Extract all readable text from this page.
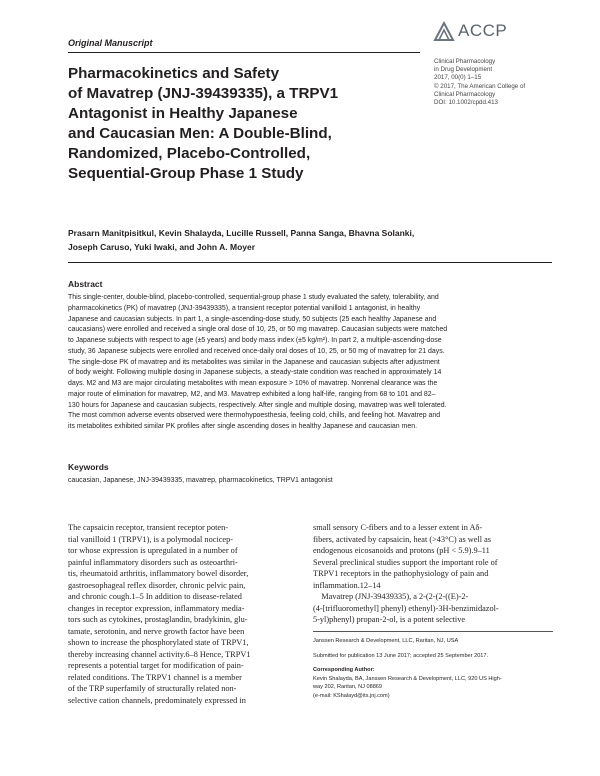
Original Manuscript
ACCP
Clinical Pharmacology
in Drug Development
2017, 00(0) 1–15
© 2017, The American College of
Clinical Pharmacology
DOI: 10.1002/cpdd.413
Pharmacokinetics and Safety
of Mavatrep (JNJ-39439335), a TRPV1
Antagonist in Healthy Japanese
and Caucasian Men: A Double-Blind,
Randomized, Placebo-Controlled,
Sequential-Group Phase 1 Study
Prasarn Manitpisitkul, Kevin Shalayda, Lucille Russell, Panna Sanga, Bhavna Solanki,
Joseph Caruso, Yuki Iwaki, and John A. Moyer
Abstract
This single-center, double-blind, placebo-controlled, sequential-group phase 1 study evaluated the safety, tolerability, and
pharmacokinetics (PK) of mavatrep (JNJ-39439335), a transient receptor potential vanilloid 1 antagonist, in healthy
Japanese and caucasian subjects. In part 1, a single-ascending-dose study, 50 subjects (25 each healthy Japanese and
caucasians) were enrolled and received a single oral dose of 10, 25, or 50 mg mavatrep. Caucasian subjects were matched
to Japanese subjects with respect to age (±5 years) and body mass index (±5 kg/m²). In part 2, a multiple-ascending-dose
study, 36 Japanese subjects were enrolled and received once-daily oral doses of 10, 25, or 50 mg of mavatrep for 21 days.
The single-dose PK of mavatrep and its metabolites was similar in the Japanese and caucasian subjects after adjustment
of body weight. Following multiple dosing in Japanese subjects, a steady-state condition was reached in approximately 14
days. M2 and M3 are major circulating metabolites with mean exposure > 10% of mavatrep. Nonrenal clearance was the
major route of elimination for mavatrep, M2, and M3. Mavatrep exhibited a long half-life, ranging from 68 to 101 and 82–
130 hours for Japanese and caucasian subjects, respectively. After single and multiple dosing, mavatrep was well tolerated.
The most common adverse events observed were thermohypoesthesia, feeling cold, chills, and feeling hot. Mavatrep and
its metabolites exhibited similar PK profiles after single ascending doses in healthy Japanese and caucasian men.
Keywords
caucasian, Japanese, JNJ-39439335, mavatrep, pharmacokinetics, TRPV1 antagonist
The capsaicin receptor, transient receptor poten-
tial vanilloid 1 (TRPV1), is a polymodal nocicep-
tor whose expression is upregulated in a number of
painful inflammatory disorders such as osteoarthri-
tis, rheumatoid arthritis, inflammatory bowel disorder,
gastroesophageal reflex disorder, chronic pelvic pain,
and chronic cough.1–5 In addition to disease-related
changes in receptor expression, inflammatory media-
tors such as cytokines, prostaglandin, bradykinin, glu-
tamate, serotonin, and nerve growth factor have been
shown to increase the phosphorylated state of TRPV1,
thereby increasing channel activity.6–8 Hence, TRPV1
represents a potential target for modification of pain-
related conditions. The TRPV1 channel is a member
of the TRP superfamily of structurally related non-
selective cation channels, predominately expressed in
small sensory C-fibers and to a lesser extent in Aδ-
fibers, activated by capsaicin, heat (>43°C) as well as
endogenous eicosanoids and protons (pH < 5.9).9–11
Several preclinical studies support the important role of
TRPV1 receptors in the pathophysiology of pain and
inflammation.12–14
Mavatrep (JNJ-39439335), a 2-(2-(2-((E)-2-
(4-[trifluoromethyl] phenyl) ethenyl)-3H-benzimidazol-
5-yl)phenyl) propan-2-ol, is a potent selective
Janssen Research & Development, LLC, Raritan, NJ, USA
Submitted for publication 13 June 2017; accepted 25 September 2017.
Corresponding Author:
Kevin Shalayda, BA, Janssen Research & Development, LLC, 920 US High-
way 202, Raritan, NJ 08869
(e-mail: KShalayd@its.jnj.com)
